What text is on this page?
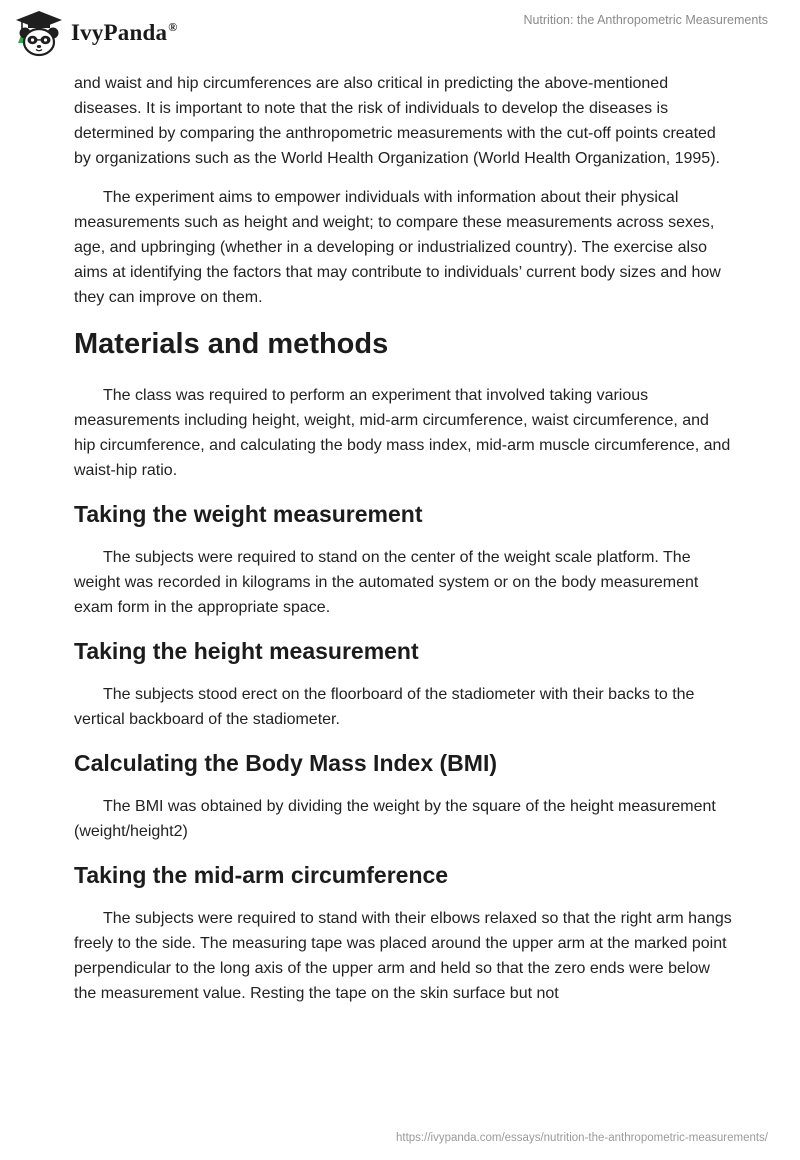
IvyPanda®
Nutrition: the Anthropometric Measurements

and waist and hip circumferences are also critical in predicting the above-mentioned diseases. It is important to note that the risk of individuals to develop the diseases is determined by comparing the anthropometric measurements with the cut-off points created by organizations such as the World Health Organization (World Health Organization, 1995).

The experiment aims to empower individuals with information about their physical measurements such as height and weight; to compare these measurements across sexes, age, and upbringing (whether in a developing or industrialized country). The exercise also aims at identifying the factors that may contribute to individuals’ current body sizes and how they can improve on them.

Materials and methods

The class was required to perform an experiment that involved taking various measurements including height, weight, mid-arm circumference, waist circumference, and hip circumference, and calculating the body mass index, mid-arm muscle circumference, and waist-hip ratio.

Taking the weight measurement

The subjects were required to stand on the center of the weight scale platform. The weight was recorded in kilograms in the automated system or on the body measurement exam form in the appropriate space.

Taking the height measurement

The subjects stood erect on the floorboard of the stadiometer with their backs to the vertical backboard of the stadiometer.

Calculating the Body Mass Index (BMI)

The BMI was obtained by dividing the weight by the square of the height measurement (weight/height2)

Taking the mid-arm circumference

The subjects were required to stand with their elbows relaxed so that the right arm hangs freely to the side. The measuring tape was placed around the upper arm at the marked point perpendicular to the long axis of the upper arm and held so that the zero ends were below the measurement value. Resting the tape on the skin surface but not

https://ivypanda.com/essays/nutrition-the-anthropometric-measurements/
